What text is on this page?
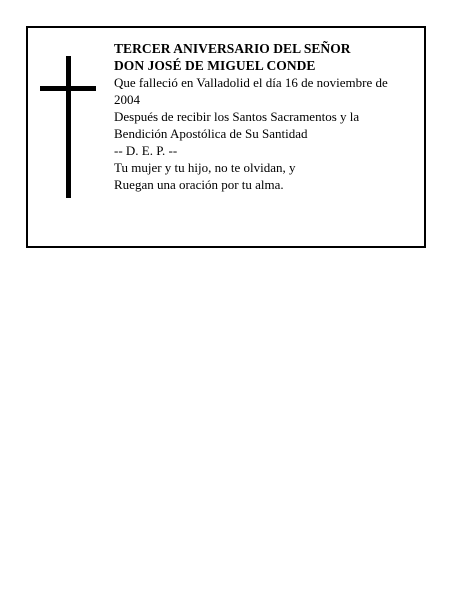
TERCER ANIVERSARIO DEL SEÑOR
DON JOSÉ DE MIGUEL CONDE
Que falleció en Valladolid el día 16 de noviembre de
2004
Después de recibir los Santos Sacramentos y la
Bendición Apostólica de Su Santidad
-- D. E. P. --
Tu mujer y tu hijo, no te olvidan, y
Ruegan una oración por tu alma.
